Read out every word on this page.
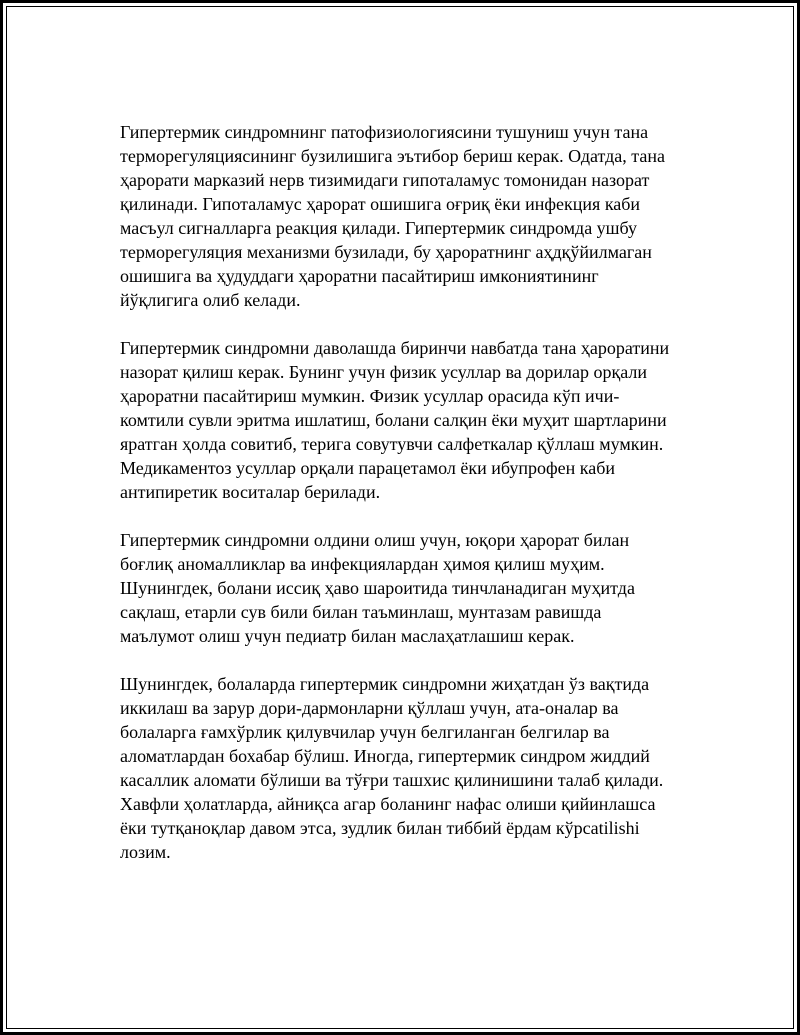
Гипертермик синдромнинг патофизиологиясини тушуниш учун тана
терморегуляциясининг бузилишига эътибор бериш керак. Одатда, тана
ҳарорати марказий нерв тизимидаги гипоталамус томонидан назорат
қилинади. Гипоталамус ҳарорат ошишига оғриқ ёки инфекция каби
масъул сигналларга реакция қилади. Гипертермик синдромда ушбу
терморегуляция механизми бузилади, бу ҳароратнинг аҳдқўйилмаган
ошишига ва ҳудуддаги ҳароратни пасайтириш имкониятининг
йўқлигига олиб келади.

Гипертермик синдромни даволашда биринчи навбатда тана ҳароратини
назорат қилиш керак. Бунинг учун физик усуллар ва дорилар орқали
ҳароратни пасайтириш мумкин. Физик усуллар орасида кўп ичи-
комтили сувли эритма ишлатиш, болани салқин ёки муҳит шартларини
яратган ҳолда совитиб, терига совутувчи салфеткалар қўллаш мумкин.
Медикаментоз усуллар орқали парацетамол ёки ибупрофен каби
антипиретик воситалар берилади.

Гипертермик синдромни олдини олиш учун, юқори ҳарорат билан
боғлиқ аномалликлар ва инфекциялардан ҳимоя қилиш муҳим.
Шунингдек, болани иссиқ ҳаво шароитида тинчланадиган муҳитда
сақлаш, етарли сув били билан таъминлаш, мунтазам равишда
маълумот олиш учун педиатр билан маслаҳатлашиш керак.

Шунингдек, болаларда гипертермик синдромни жиҳатдан ўз вақтида
иккилаш ва зарур дори-дармонларни қўллаш учун, ата-оналар ва
болаларга ғамхўрлик қилувчилар учун белгиланган белгилар ва
аломатлардан бохабар бўлиш. Иногда, гипертермик синдром жиддий
касаллик аломати бўлиши ва тўғри ташхис қилинишини талаб қилади.
Хавфли ҳолатларда, айниқса агар боланинг нафас олиши қийинлашса
ёки тутқаноқлар давом этса, зудлик билан тиббий ёрдам кўрсatilishi
лозим.
